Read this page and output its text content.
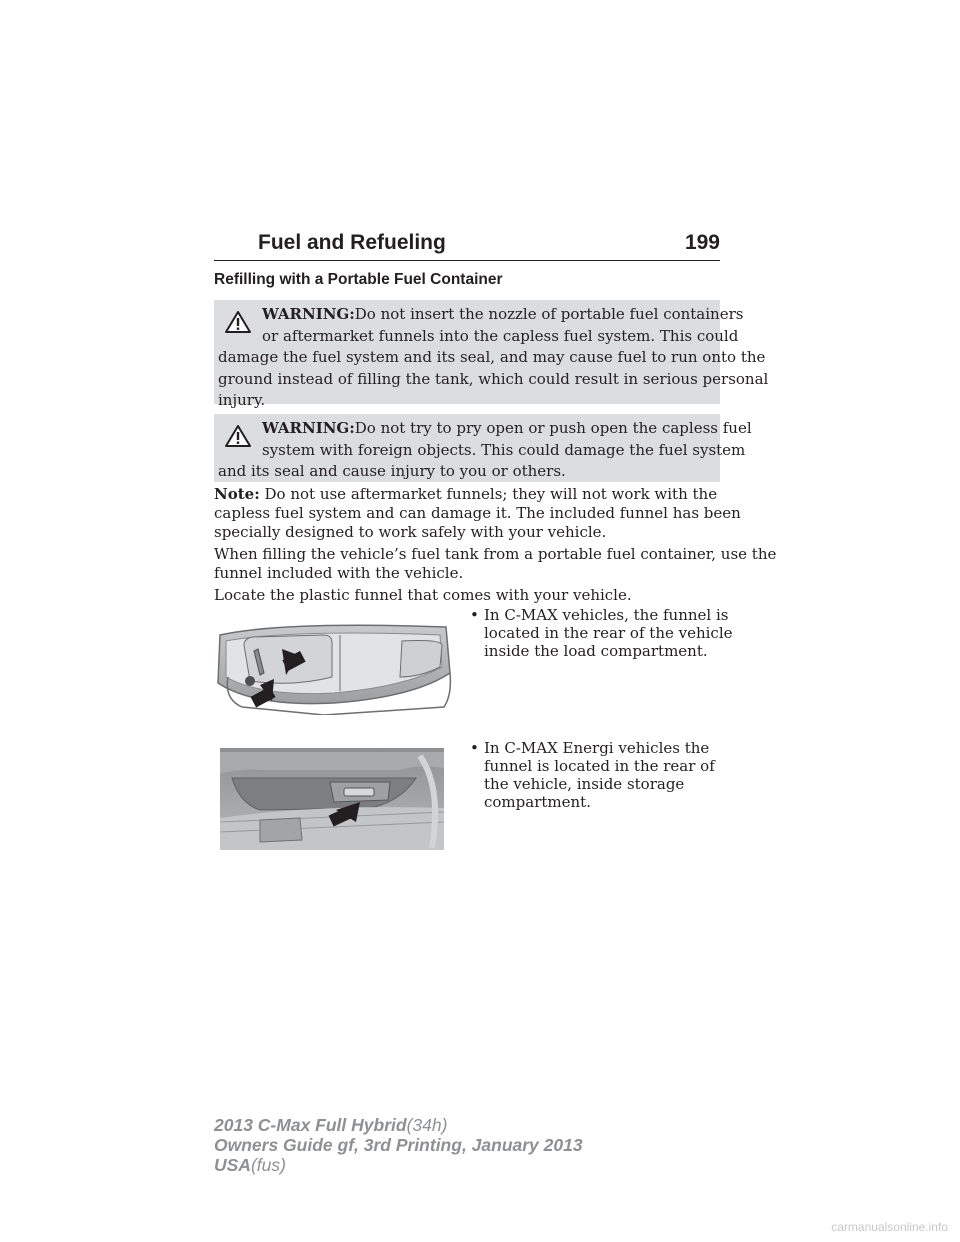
Fuel and Refueling	199
Refilling with a Portable Fuel Container
WARNING:Do not insert the nozzle of portable fuel containers
or aftermarket funnels into the capless fuel system. This could
damage the fuel system and its seal, and may cause fuel to run onto the
ground instead of filling the tank, which could result in serious personal
injury.
WARNING:Do not try to pry open or push open the capless fuel
system with foreign objects. This could damage the fuel system
and its seal and cause injury to you or others.
Note: Do not use aftermarket funnels; they will not work with the
capless fuel system and can damage it. The included funnel has been
specially designed to work safely with your vehicle.
When filling the vehicle’s fuel tank from a portable fuel container, use the
funnel included with the vehicle.
Locate the plastic funnel that comes with your vehicle.
• In C-MAX vehicles, the funnel is
located in the rear of the vehicle
inside the load compartment.
• In C-MAX Energi vehicles the
funnel is located in the rear of
the vehicle, inside storage
compartment.
2013 C-Max Full Hybrid(34h)
Owners Guide gf, 3rd Printing, January 2013
USA(fus)
carmanualsonline.info
